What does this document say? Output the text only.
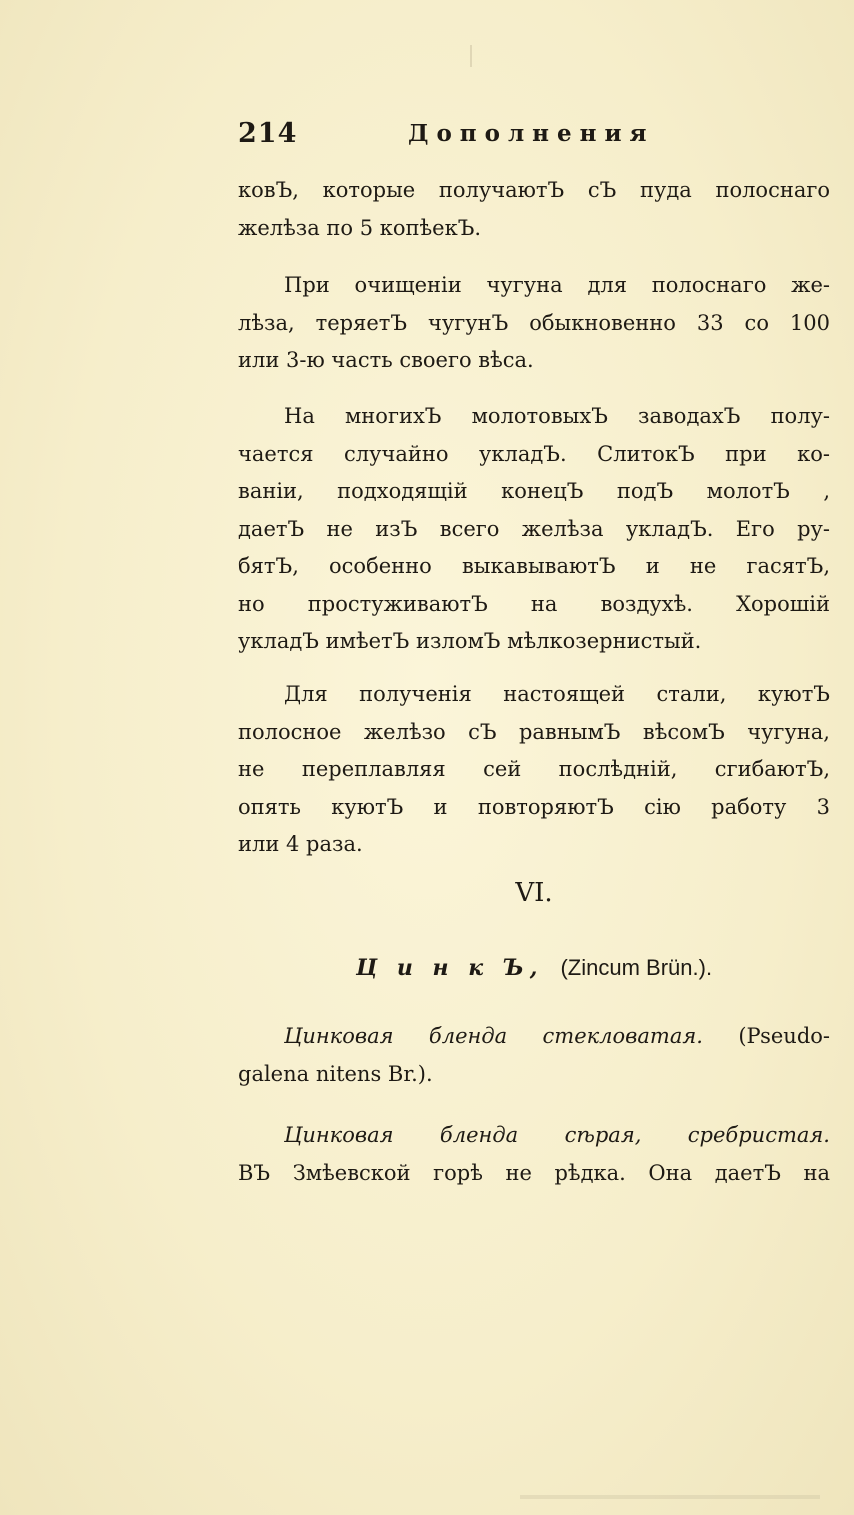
214	Дополнения
ковЪ, которые получаютЪ сЪ пуда полоснаго
желѣза по 5 копѣекЪ.
При очищеніи чугуна для полоснаго же-
лѣза, теряетЪ чугунЪ обыкновенно 33 со 100
или 3-ю часть своего вѣса.
На многихЪ молотовыхЪ заводахЪ полу-
чается случайно укладЪ. СлитокЪ при ко-
ваніи, подходящій конецЪ подЪ молотЪ ,
даетЪ не изЪ всего желѣза укладЪ. Его ру-
бятЪ, особенно выкавываютЪ и не гасятЪ,
но простуживаютЪ на воздухѣ. Хорошій
укладЪ имѣетЪ изломЪ мѣлкозернистый.
Для полученія настоящей стали, куютЪ
полосное желѣзо сЪ равнымЪ вѣсомЪ чугуна,
не переплавляя сей послѣдній, сгибаютЪ,
опять куютЪ и повторяютЪ сію работу 3
или 4 раза.
VI.
Ц и н к Ъ, (Zincum Brün.).
Цинковая бленда стекловатая. (Pseudo-
galena nitens Br.).
Цинковая бленда сѣрая, сребристая.
ВЪ Змѣевской горѣ не рѣдка. Она даетЪ на
